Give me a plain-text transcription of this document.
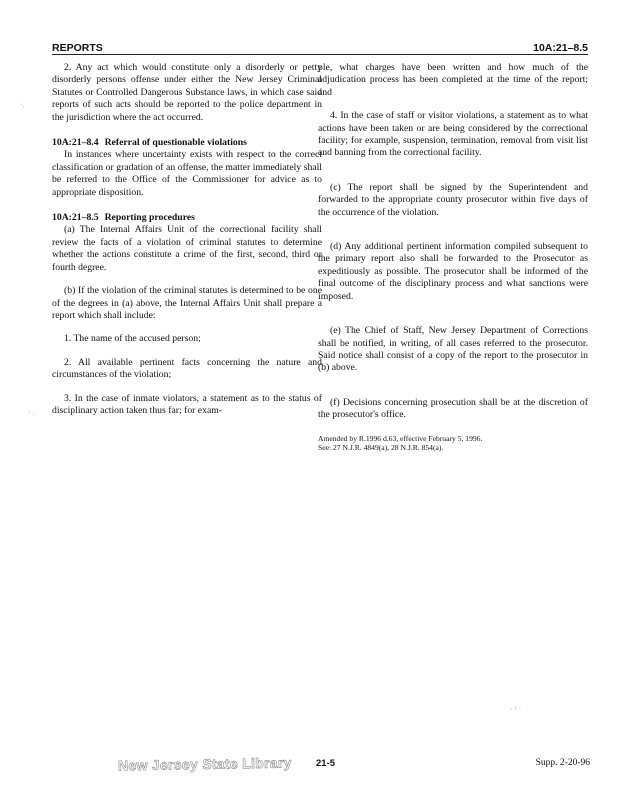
REPORTS	10A:21–8.5

2. Any act which would constitute only a disorderly or petty disorderly persons offense under either the New Jersey Criminal Statutes or Controlled Dangerous Substance laws, in which case said reports of such acts should be reported to the police department in the jurisdiction where the act occurred.

10A:21–8.4 Referral of questionable violations

In instances where uncertainty exists with respect to the correct classification or gradation of an offense, the matter immediately shall be referred to the Office of the Commissioner for advice as to appropriate disposition.

10A:21–8.5 Reporting procedures

(a) The Internal Affairs Unit of the correctional facility shall review the facts of a violation of criminal statutes to determine whether the actions constitute a crime of the first, second, third or fourth degree.

(b) If the violation of the criminal statutes is determined to be one of the degrees in (a) above, the Internal Affairs Unit shall prepare a report which shall include:

1. The name of the accused person;

2. All available pertinent facts concerning the nature and circumstances of the violation;

3. In the case of inmate violators, a statement as to the status of disciplinary action taken thus far; for exam-

ple, what charges have been written and how much of the adjudication process has been completed at the time of the report; and

4. In the case of staff or visitor violations, a statement as to what actions have been taken or are being considered by the correctional facility; for example, suspension, termination, removal from visit list and banning from the correctional facility.

(c) The report shall be signed by the Superintendent and forwarded to the appropriate county prosecutor within five days of the occurrence of the violation.

(d) Any additional pertinent information compiled subsequent to the primary report also shall be forwarded to the Prosecutor as expeditiously as possible. The prosecutor shall be informed of the final outcome of the disciplinary process and what sanctions were imposed.

(e) The Chief of Staff, New Jersey Department of Corrections shall be notified, in writing, of all cases referred to the prosecutor. Said notice shall consist of a copy of the report to the prosecutor in (b) above.

(f) Decisions concerning prosecution shall be at the discretion of the prosecutor's office.

Amended by R.1996 d.63, effective February 5, 1996.

See: 27 N.J.R. 4849(a), 28 N.J.R. 854(a).

·.
· .
· ⁾ ·
New Jersey State Library	21-5	Supp. 2-20-96
